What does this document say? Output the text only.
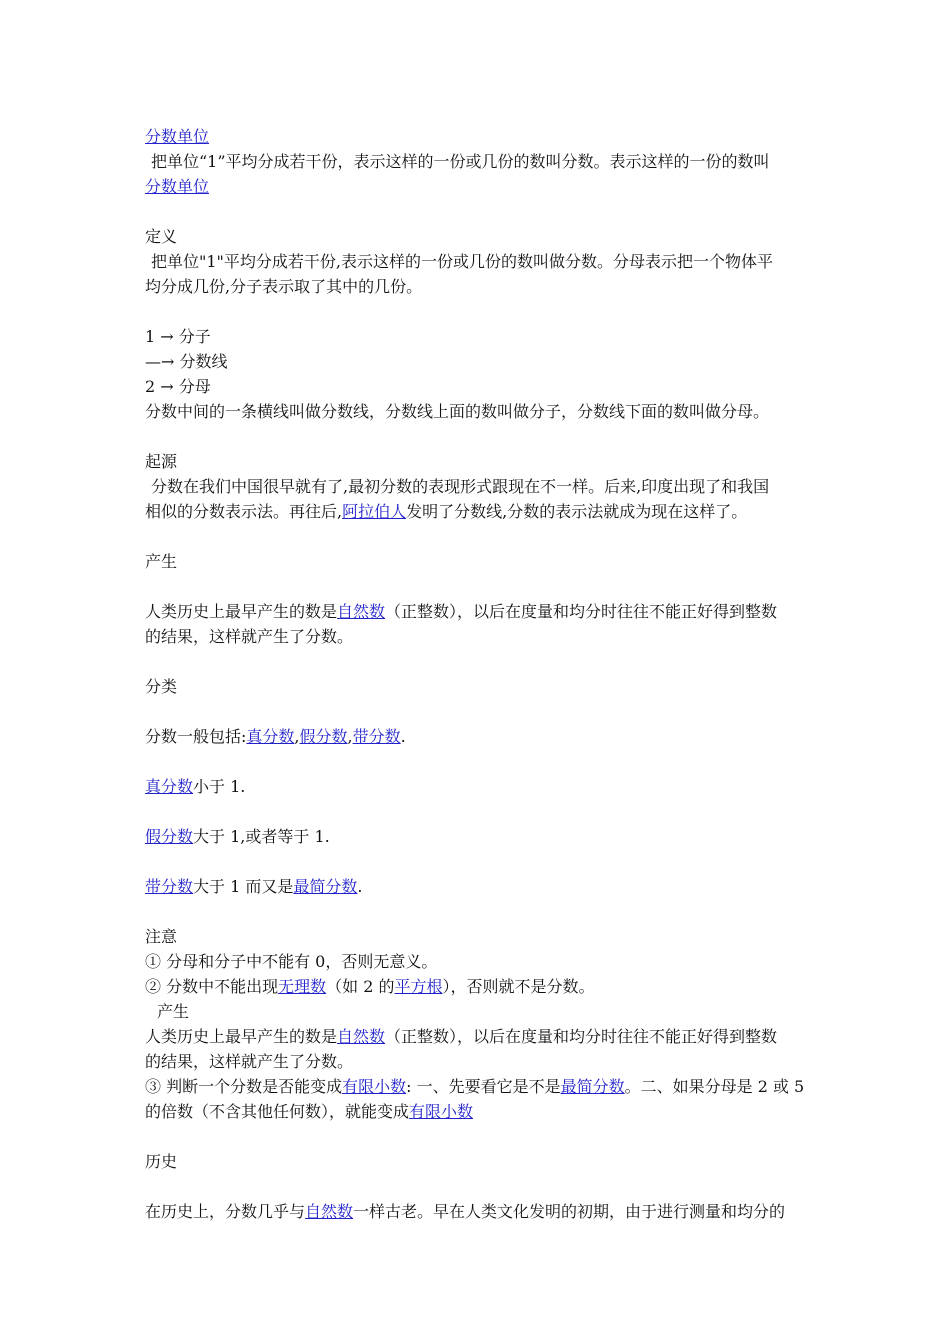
分数单位
把单位“1”平均分成若干份，表示这样的一份或几份的数叫分数。表示这样的一份的数叫
分数单位
定义
把单位"1"平均分成若干份,表示这样的一份或几份的数叫做分数。分母表示把一个物体平
均分成几份,分子表示取了其中的几份。
1 → 分子
—→ 分数线
2 → 分母
分数中间的一条横线叫做分数线，分数线上面的数叫做分子，分数线下面的数叫做分母。
起源
分数在我们中国很早就有了,最初分数的表现形式跟现在不一样。后来,印度出现了和我国
相似的分数表示法。再往后,阿拉伯人发明了分数线,分数的表示法就成为现在这样了。
产生
人类历史上最早产生的数是自然数（正整数），以后在度量和均分时往往不能正好得到整数
的结果，这样就产生了分数。
分类
分数一般包括:真分数,假分数,带分数.
真分数小于 1.
假分数大于 1,或者等于 1.
带分数大于 1 而又是最简分数.
注意
① 分母和分子中不能有 0，否则无意义。
② 分数中不能出现无理数（如 2 的平方根），否则就不是分数。
产生
人类历史上最早产生的数是自然数（正整数），以后在度量和均分时往往不能正好得到整数
的结果，这样就产生了分数。
③ 判断一个分数是否能变成有限小数: 一、先要看它是不是最简分数。二、如果分母是 2 或 5
的倍数（不含其他任何数），就能变成有限小数
历史
在历史上，分数几乎与自然数一样古老。早在人类文化发明的初期，由于进行测量和均分的
